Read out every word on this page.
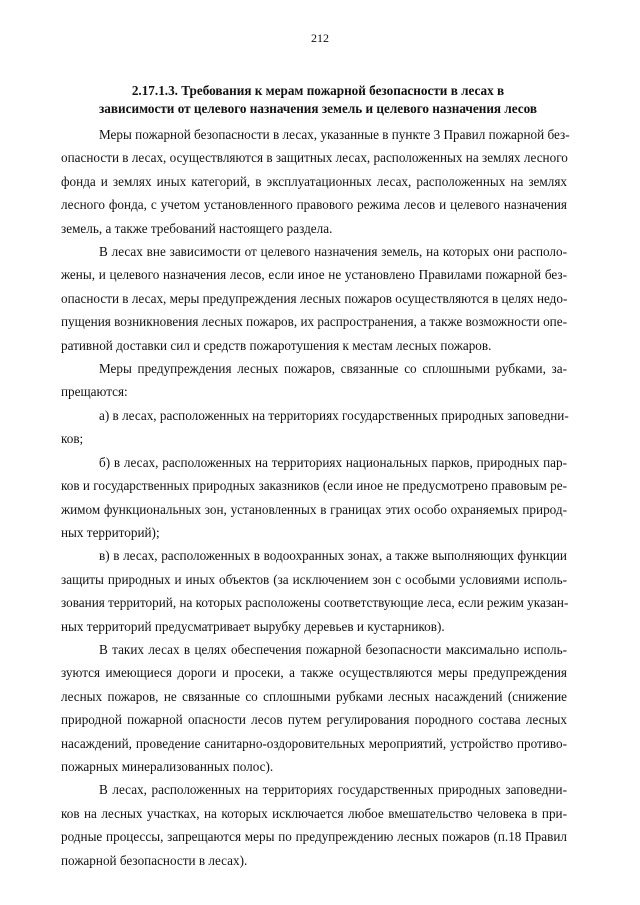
212
2.17.1.3. Требования к мерам пожарной безопасности в лесах в
зависимости от целевого назначения земель и целевого назначения лесов

Меры пожарной безопасности в лесах, указанные в пункте 3 Правил пожарной без-
опасности в лесах, осуществляются в защитных лесах, расположенных на землях лесного
фонда и землях иных категорий, в эксплуатационных лесах, расположенных на землях
лесного фонда, с учетом установленного правового режима лесов и целевого назначения
земель, а также требований настоящего раздела.

В лесах вне зависимости от целевого назначения земель, на которых они располо-
жены, и целевого назначения лесов, если иное не установлено Правилами пожарной без-
опасности в лесах, меры предупреждения лесных пожаров осуществляются в целях недо-
пущения возникновения лесных пожаров, их распространения, а также возможности опе-
ративной доставки сил и средств пожаротушения к местам лесных пожаров.

Меры предупреждения лесных пожаров, связанные со сплошными рубками, за-
прещаются:

а) в лесах, расположенных на территориях государственных природных заповедни-
ков;

б) в лесах, расположенных на территориях национальных парков, природных пар-
ков и государственных природных заказников (если иное не предусмотрено правовым ре-
жимом функциональных зон, установленных в границах этих особо охраняемых природ-
ных территорий);

в) в лесах, расположенных в водоохранных зонах, а также выполняющих функции
защиты природных и иных объектов (за исключением зон с особыми условиями исполь-
зования территорий, на которых расположены соответствующие леса, если режим указан-
ных территорий предусматривает вырубку деревьев и кустарников).

В таких лесах в целях обеспечения пожарной безопасности максимально исполь-
зуются имеющиеся дороги и просеки, а также осуществляются меры предупреждения
лесных пожаров, не связанные со сплошными рубками лесных насаждений (снижение
природной пожарной опасности лесов путем регулирования породного состава лесных
насаждений, проведение санитарно-оздоровительных мероприятий, устройство противо-
пожарных минерализованных полос).

В лесах, расположенных на территориях государственных природных заповедни-
ков на лесных участках, на которых исключается любое вмешательство человека в при-
родные процессы, запрещаются меры по предупреждению лесных пожаров (п.18 Правил
пожарной безопасности в лесах).
